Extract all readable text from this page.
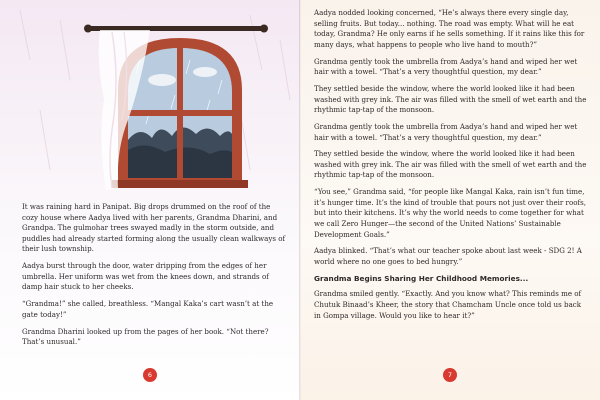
It was raining hard in Panipat. Big drops drummed on the roof of the cozy house where Aadya lived with her parents, Grandma Dharini, and Grandpa. The gulmohar trees swayed madly in the storm outside, and puddles had already started forming along the usually clean walkways of their lush township.

Aadya burst through the door, water dripping from the edges of her umbrella. Her uniform was wet from the knees down, and strands of damp hair stuck to her cheeks.

“Grandma!” she called, breathless. “Mangal Kaka’s cart wasn’t at the gate today!”

Grandma Dharini looked up from the pages of her book. “Not there? That’s unusual.”

6

Aadya nodded looking concerned, “He’s always there every single day, selling fruits. But today... nothing. The road was empty. What will he eat today, Grandma? He only earns if he sells something. If it rains like this for many days, what happens to people who live hand to mouth?”

Grandma gently took the umbrella from Aadya’s hand and wiped her wet hair with a towel. “That’s a very thoughtful question, my dear.”

They settled beside the window, where the world looked like it had been washed with grey ink. The air was filled with the smell of wet earth and the rhythmic tap-tap of the monsoon.

Grandma gently took the umbrella from Aadya’s hand and wiped her wet hair with a towel. “That’s a very thoughtful question, my dear.”

They settled beside the window, where the world looked like it had been washed with grey ink. The air was filled with the smell of wet earth and the rhythmic tap-tap of the monsoon.

“You see,” Grandma said, “for people like Mangal Kaka, rain isn’t fun time, it’s hunger time. It’s the kind of trouble that pours not just over their roofs, but into their kitchens. It’s why the world needs to come together for what we call Zero Hunger—the second of the United Nations’ Sustainable Development Goals.”

Aadya blinked. “That’s what our teacher spoke about last week - SDG 2! A world where no one goes to bed hungry.”

Grandma Begins Sharing Her Childhood Memories...

Grandma smiled gently. “Exactly. And you know what? This reminds me of Chutuk Binaad’s Kheer, the story that Chamcham Uncle once told us back in Gompa village. Would you like to hear it?”

7
